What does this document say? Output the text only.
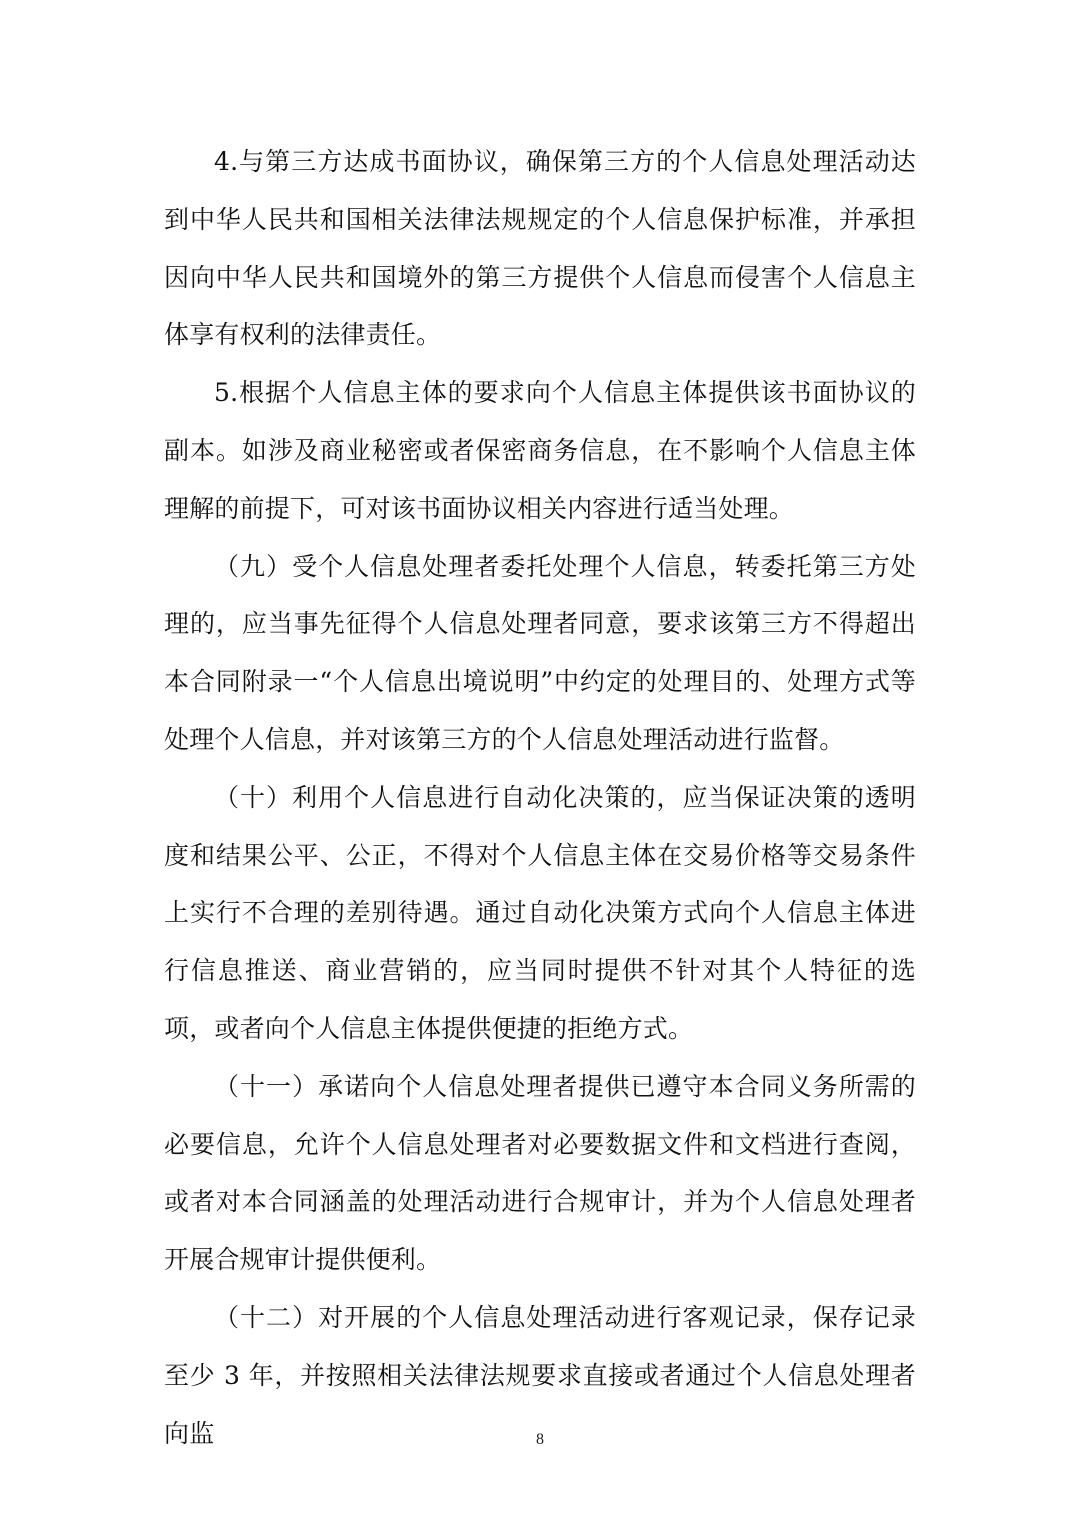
4.与第三方达成书面协议，确保第三方的个人信息处理活动达到中华人民共和国相关法律法规规定的个人信息保护标准，并承担因向中华人民共和国境外的第三方提供个人信息而侵害个人信息主体享有权利的法律责任。

5.根据个人信息主体的要求向个人信息主体提供该书面协议的副本。如涉及商业秘密或者保密商务信息，在不影响个人信息主体理解的前提下，可对该书面协议相关内容进行适当处理。

（九）受个人信息处理者委托处理个人信息，转委托第三方处理的，应当事先征得个人信息处理者同意，要求该第三方不得超出本合同附录一“个人信息出境说明”中约定的处理目的、处理方式等处理个人信息，并对该第三方的个人信息处理活动进行监督。

（十）利用个人信息进行自动化决策的，应当保证决策的透明度和结果公平、公正，不得对个人信息主体在交易价格等交易条件上实行不合理的差别待遇。通过自动化决策方式向个人信息主体进行信息推送、商业营销的，应当同时提供不针对其个人特征的选项，或者向个人信息主体提供便捷的拒绝方式。

（十一）承诺向个人信息处理者提供已遵守本合同义务所需的必要信息，允许个人信息处理者对必要数据文件和文档进行查阅，或者对本合同涵盖的处理活动进行合规审计，并为个人信息处理者开展合规审计提供便利。

（十二）对开展的个人信息处理活动进行客观记录，保存记录至少 3 年，并按照相关法律法规要求直接或者通过个人信息处理者向监	8
